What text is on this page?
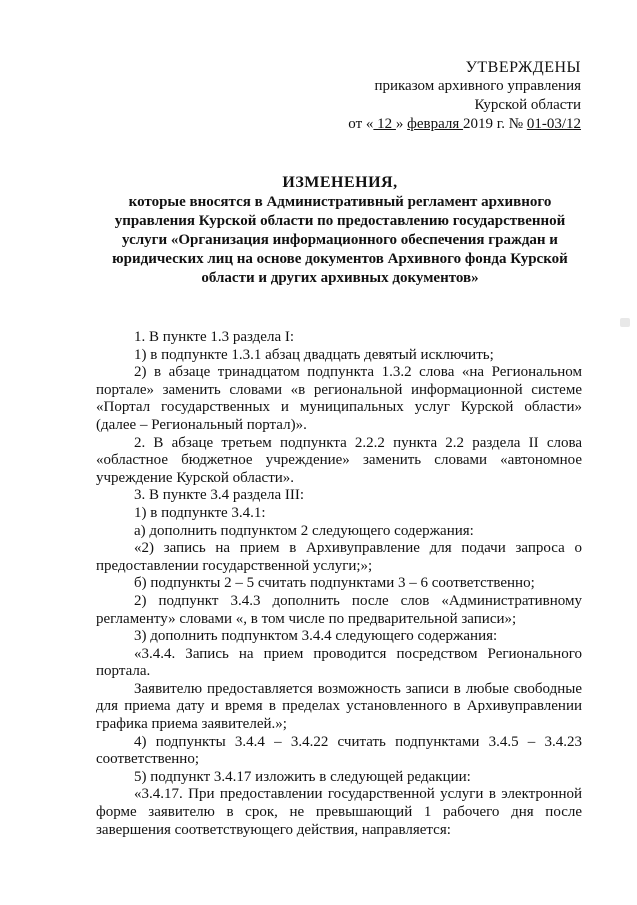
УТВЕРЖДЕНЫ
приказом архивного управления
Курской области
от « 12 » февраля 2019 г. № 01-03/12
ИЗМЕНЕНИЯ,
которые вносятся в Административный регламент архивного
управления Курской области по предоставлению государственной
услуги «Организация информационного обеспечения граждан и
юридических лиц на основе документов Архивного фонда Курской
области и других архивных документов»

1. В пункте 1.3 раздела I:

1) в подпункте 1.3.1 абзац двадцать девятый исключить;

2) в абзаце тринадцатом подпункта 1.3.2 слова «на Региональном портале» заменить словами «в региональной информационной системе «Портал государственных и муниципальных услуг Курской области» (далее – Региональный портал)».

2. В абзаце третьем подпункта 2.2.2 пункта 2.2 раздела II слова «областное бюджетное учреждение» заменить словами «автономное учреждение Курской области».

3. В пункте 3.4 раздела III:

1) в подпункте 3.4.1:

а) дополнить подпунктом 2 следующего содержания:

«2) запись на прием в Архивуправление для подачи запроса о предоставлении государственной услуги;»;

б) подпункты 2 – 5 считать подпунктами 3 – 6 соответственно;

2) подпункт 3.4.3 дополнить после слов «Административному регламенту» словами «, в том числе по предварительной записи»;

3) дополнить подпунктом 3.4.4 следующего содержания:

«3.4.4. Запись на прием проводится посредством Регионального портала.

Заявителю предоставляется возможность записи в любые свободные для приема дату и время в пределах установленного в Архивуправлении графика приема заявителей.»;

4) подпункты 3.4.4 – 3.4.22 считать подпунктами 3.4.5 – 3.4.23 соответственно;

5) подпункт 3.4.17 изложить в следующей редакции:

«3.4.17. При предоставлении государственной услуги в электронной форме заявителю в срок, не превышающий 1 рабочего дня после завершения соответствующего действия, направляется:
